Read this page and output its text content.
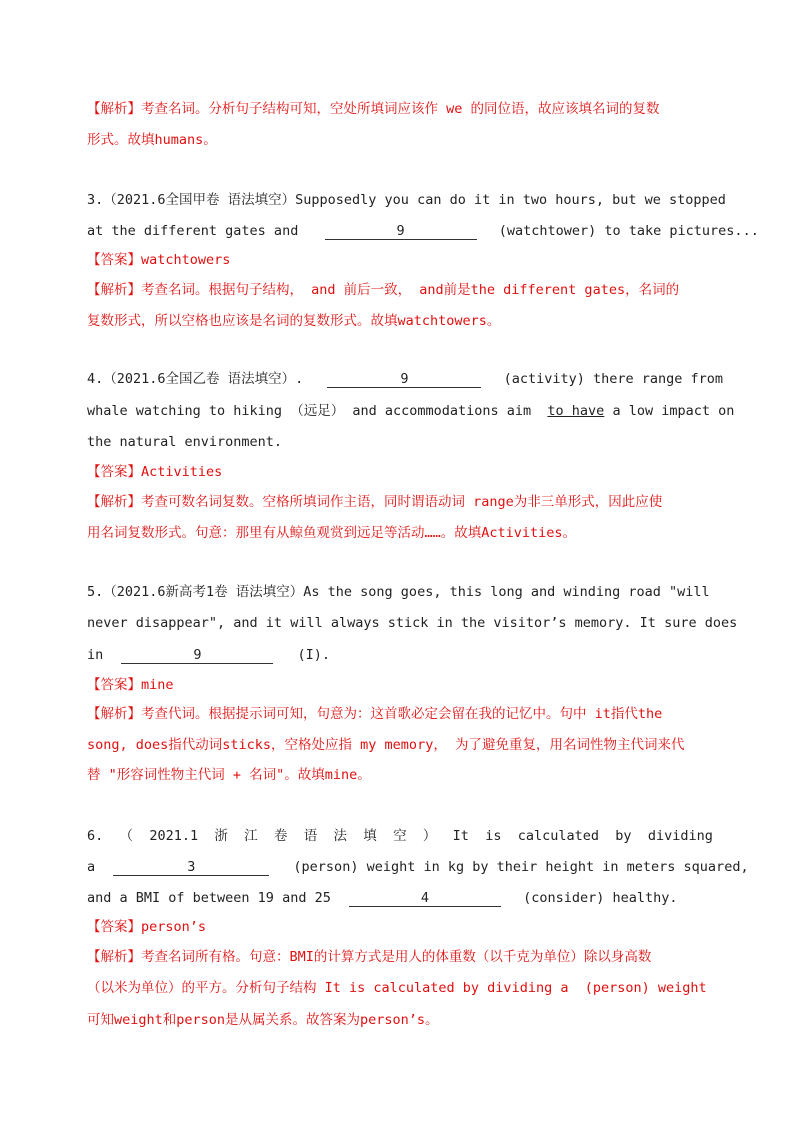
【解析】考查名词。分析句子结构可知，空处所填词应该作 we 的同位语，故应该填名词的复数
形式。故填humans。
3.（2021.6全国甲卷 语法填空）Supposedly you can do it in two hours, but we stopped
at the different gates and	9	(watchtower) to take pictures...
【答案】watchtowers
【解析】考查名词。根据句子结构， and 前后一致， and前是the different gates，名词的
复数形式，所以空格也应该是名词的复数形式。故填watchtowers。
4.（2021.6全国乙卷 语法填空）.	9	(activity) there range from
whale watching to hiking （远足） and accommodations aim to have a low impact on
the natural environment.
【答案】Activities
【解析】考查可数名词复数。空格所填词作主语，同时谓语动词 range为非三单形式，因此应使
用名词复数形式。句意：那里有从鲸鱼观赏到远足等活动……。故填Activities。
5.（2021.6新高考1卷 语法填空）As the song goes, this long and winding road "will
never disappear", and it will always stick in the visitor’s memory. It sure does
in	9	(I).
【答案】mine
【解析】考查代词。根据提示词可知，句意为：这首歌必定会留在我的记忆中。句中 it指代the
song, does指代动词sticks，空格处应指 my memory， 为了避免重复，用名词性物主代词来代
替 "形容词性物主代词 + 名词"。故填mine。
6. （ 2021.1 浙 江 卷 语 法 填 空 ） It is calculated by dividing
a	3	(person) weight in kg by their height in meters squared,
and a BMI of between 19 and 25	4	(consider) healthy.
【答案】person’s
【解析】考查名词所有格。句意：BMI的计算方式是用人的体重数（以千克为单位）除以身高数
（以米为单位）的平方。分析句子结构 It is calculated by dividing a  (person) weight
可知weight和person是从属关系。故答案为person’s。
